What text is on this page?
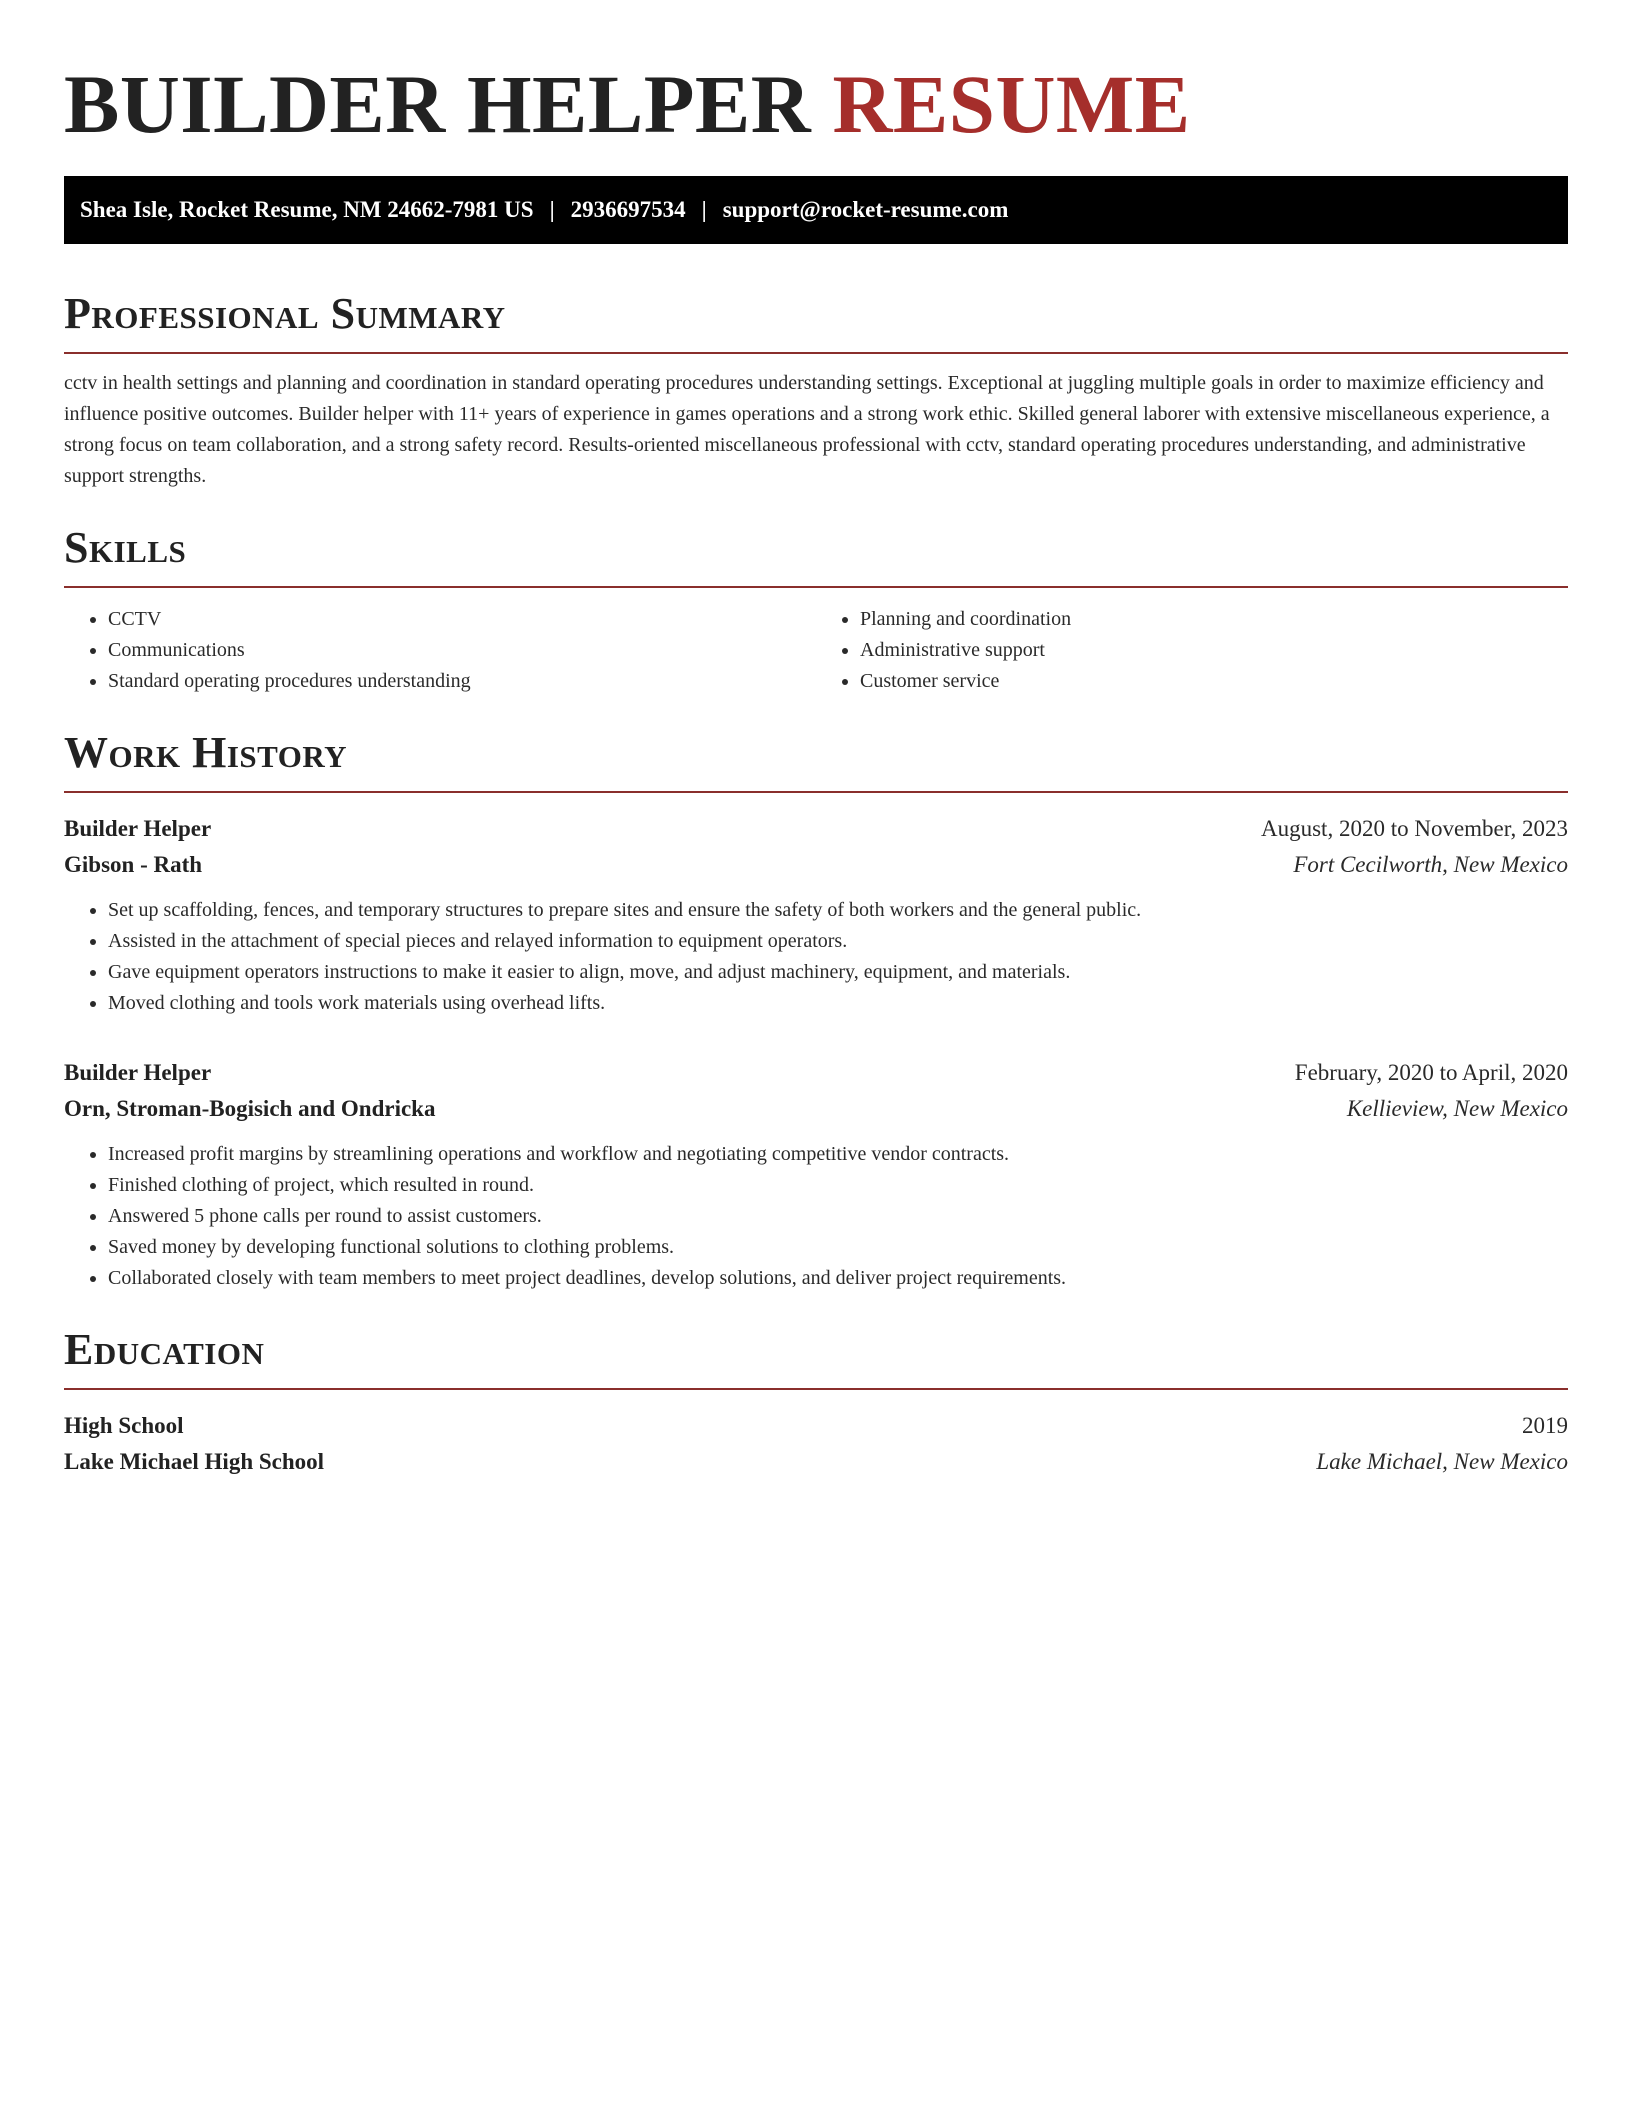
BUILDER HELPER RESUME
Shea Isle, Rocket Resume, NM 24662-7981 US | 2936697534 | support@rocket-resume.com
Professional Summary

cctv in health settings and planning and coordination in standard operating procedures understanding settings. Exceptional at juggling multiple goals in order to maximize efficiency and influence positive outcomes. Builder helper with 11+ years of experience in games operations and a strong work ethic. Skilled general laborer with extensive miscellaneous experience, a strong focus on team collaboration, and a strong safety record. Results-oriented miscellaneous professional with cctv, standard operating procedures understanding, and administrative support strengths.

Skills
• CCTV
• Communications
• Standard operating procedures understanding
• Planning and coordination
• Administrative support
• Customer service
Work History
Builder Helper	August, 2020 to November, 2023
Gibson - Rath	Fort Cecilworth, New Mexico
• Set up scaffolding, fences, and temporary structures to prepare sites and ensure the safety of both workers and the general public.
• Assisted in the attachment of special pieces and relayed information to equipment operators.
• Gave equipment operators instructions to make it easier to align, move, and adjust machinery, equipment, and materials.
• Moved clothing and tools work materials using overhead lifts.
Builder Helper	February, 2020 to April, 2020
Orn, Stroman-Bogisich and Ondricka	Kellieview, New Mexico
• Increased profit margins by streamlining operations and workflow and negotiating competitive vendor contracts.
• Finished clothing of project, which resulted in round.
• Answered 5 phone calls per round to assist customers.
• Saved money by developing functional solutions to clothing problems.
• Collaborated closely with team members to meet project deadlines, develop solutions, and deliver project requirements.
Education
High School	2019
Lake Michael High School	Lake Michael, New Mexico
